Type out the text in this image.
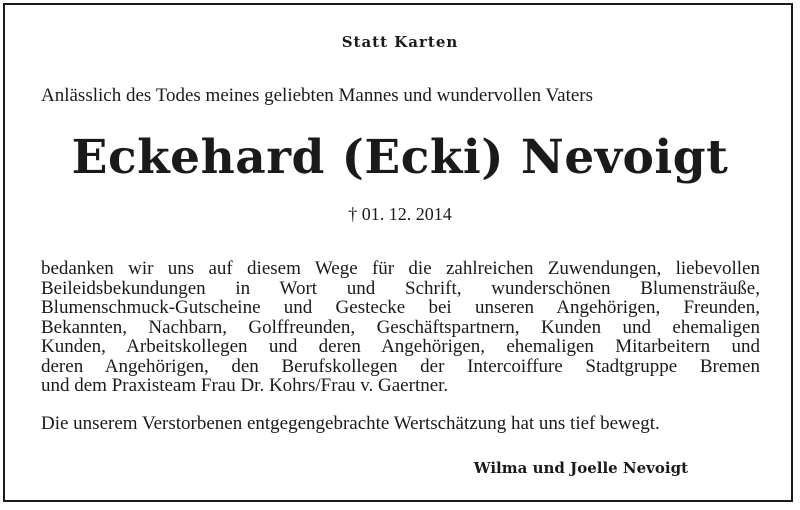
Statt Karten
Anlässlich des Todes meines geliebten Mannes und wundervollen Vaters
Eckehard (Ecki) Nevoigt
† 01. 12. 2014
bedanken wir uns auf diesem Wege für die zahlreichen Zuwendungen, liebevollen
Beileidsbekundungen in Wort und Schrift, wunderschönen Blumensträuße,
Blumenschmuck-Gutscheine und Gestecke bei unseren Angehörigen, Freunden,
Bekannten, Nachbarn, Golffreunden, Geschäftspartnern, Kunden und ehemaligen
Kunden, Arbeitskollegen und deren Angehörigen, ehemaligen Mitarbeitern und
deren Angehörigen, den Berufskollegen der Intercoiffure Stadtgruppe Bremen
und dem Praxisteam Frau Dr. Kohrs/Frau v. Gaertner.
Die unserem Verstorbenen entgegengebrachte Wertschätzung hat uns tief bewegt.
Wilma und Joelle Nevoigt
